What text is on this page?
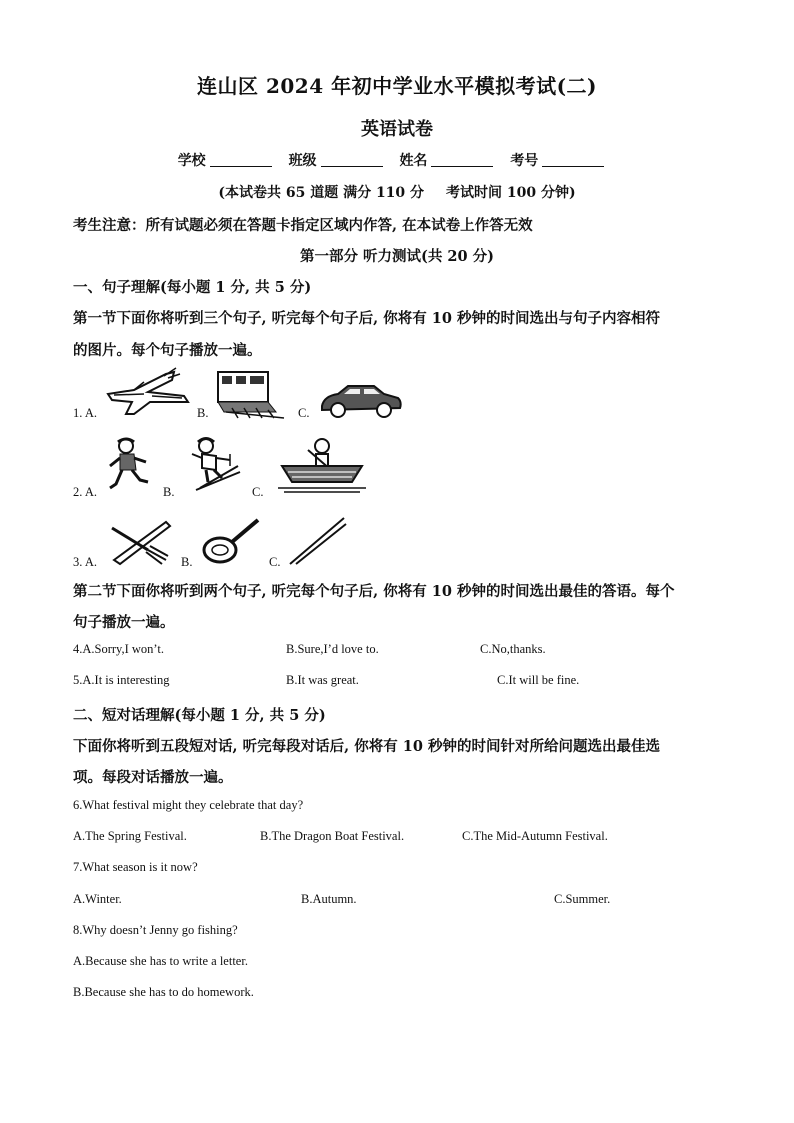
连山区 2024 年初中学业水平模拟考试(二)
英语试卷
学校	班级	姓名	考号
(本试卷共 65 道题 满分 110 分 考试时间 100 分钟)
考生注意：所有试题必须在答题卡指定区域内作答, 在本试卷上作答无效
第一部分 听力测试(共 20 分)
一、句子理解(每小题 1 分, 共 5 分)
第一节下面你将听到三个句子, 听完每个句子后, 你将有 10 秒钟的时间选出与句子内容相符
的图片。每个句子播放一遍。
1. A.	B.	C.
2. A.	B.	C.
3. A.	B.	C.
第二节下面你将听到两个句子, 听完每个句子后, 你将有 10 秒钟的时间选出最佳的答语。每个
句子播放一遍。
4.A.Sorry,I won’t.	B.Sure,I’d love to.	C.No,thanks.
5.A.It is interesting	B.It was great.	C.It will be fine.
二、短对话理解(每小题 1 分, 共 5 分)
下面你将听到五段短对话, 听完每段对话后, 你将有 10 秒钟的时间针对所给问题选出最佳选
项。每段对话播放一遍。
6.What festival might they celebrate that day?
A.The Spring Festival.	B.The Dragon Boat Festival.	C.The Mid-Autumn Festival.
7.What season is it now?
A.Winter.	B.Autumn.	C.Summer.
8.Why doesn’t Jenny go fishing?
A.Because she has to write a letter.
B.Because she has to do homework.
